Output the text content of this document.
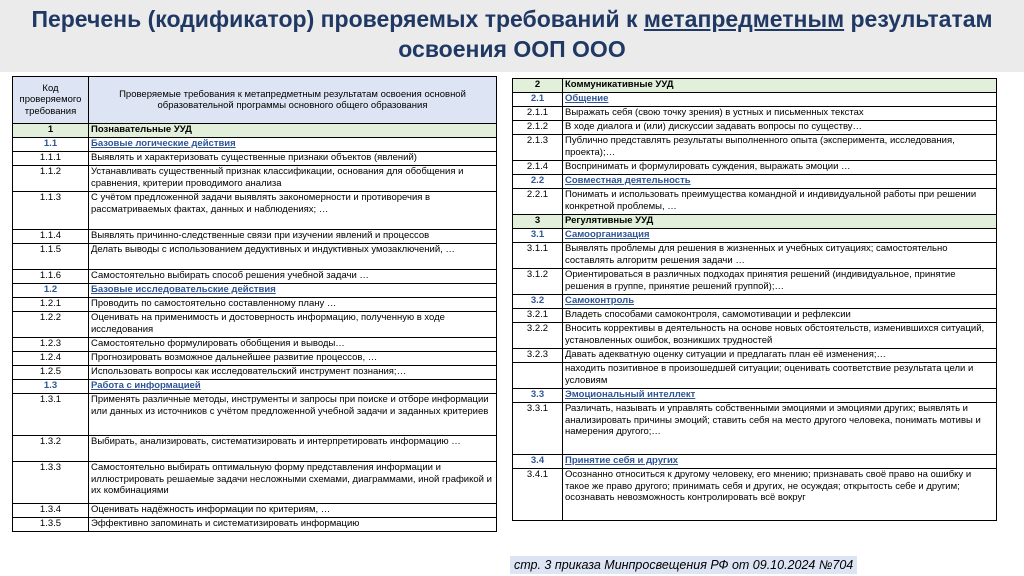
Перечень (кодификатор) проверяемых требований к метапредметным результатам
освоения ООП ООО
Код проверяемого требования	Проверяемые требования к метапредметным результатам освоения основной образовательной программы основного общего образования
1	Познавательные УУД
1.1	Базовые логические действия
1.1.1	Выявлять и характеризовать существенные признаки объектов (явлений)
1.1.2	Устанавливать существенный признак классификации, основания для обобщения и сравнения, критерии проводимого анализа
1.1.3	С учётом предложенной задачи выявлять закономерности и противоречия в рассматриваемых фактах, данных и наблюдениях; …
1.1.4	Выявлять причинно-следственные связи при изучении явлений и процессов
1.1.5	Делать выводы с использованием дедуктивных и индуктивных умозаключений, …
1.1.6	Самостоятельно выбирать способ решения учебной задачи …
1.2	Базовые исследовательские действия
1.2.1	Проводить по самостоятельно составленному плану …
1.2.2	Оценивать на применимость и достоверность информацию, полученную в ходе исследования
1.2.3	Самостоятельно формулировать обобщения и выводы…
1.2.4	Прогнозировать возможное дальнейшее развитие процессов, …
1.2.5	Использовать вопросы как исследовательский инструмент познания;…
1.3	Работа с информацией
1.3.1	Применять различные методы, инструменты и запросы при поиске и отборе информации или данных из источников с учётом предложенной учебной задачи и заданных критериев
1.3.2	Выбирать, анализировать, систематизировать и интерпретировать информацию …
1.3.3	Самостоятельно выбирать оптимальную форму представления информации и иллюстрировать решаемые задачи несложными схемами, диаграммами, иной графикой и их комбинациями
1.3.4	Оценивать надёжность информации по критериям, …
1.3.5	Эффективно запоминать и систематизировать информацию
2	Коммуникативные УУД
2.1	Общение
2.1.1	Выражать себя (свою точку зрения) в устных и письменных текстах
2.1.2	В ходе диалога и (или) дискуссии задавать вопросы по существу…
2.1.3	Публично представлять результаты выполненного опыта (эксперимента, исследования, проекта);…
2.1.4	Воспринимать и формулировать суждения, выражать эмоции …
2.2	Совместная деятельность
2.2.1	Понимать и использовать преимущества командной и индивидуальной работы при решении конкретной проблемы, …
3	Регулятивные УУД
3.1	Самоорганизация
3.1.1	Выявлять проблемы для решения в жизненных и учебных ситуациях; самостоятельно составлять алгоритм решения задачи …
3.1.2	Ориентироваться в различных подходах принятия решений (индивидуальное, принятие решения в группе, принятие решений группой);…
3.2	Самоконтроль
3.2.1	Владеть способами самоконтроля, самомотивации и рефлексии
3.2.2	Вносить коррективы в деятельность на основе новых обстоятельств, изменившихся ситуаций, установленных ошибок, возникших трудностей
3.2.3	Давать адекватную оценку ситуации и предлагать план её изменения;…
	находить позитивное в произошедшей ситуации; оценивать соответствие результата цели и условиям
3.3	Эмоциональный интеллект
3.3.1	Различать, называть и управлять собственными эмоциями и эмоциями других; выявлять и анализировать причины эмоций; ставить себя на место другого человека, понимать мотивы и намерения другого;…
3.4	Принятие себя и других
3.4.1	Осознанно относиться к другому человеку, его мнению; признавать своё право на ошибку и такое же право другого; принимать себя и других, не осуждая; открытость себе и другим; осознавать невозможность контролировать всё вокруг
стр. 3 приказа Минпросвещения РФ от 09.10.2024 №704
